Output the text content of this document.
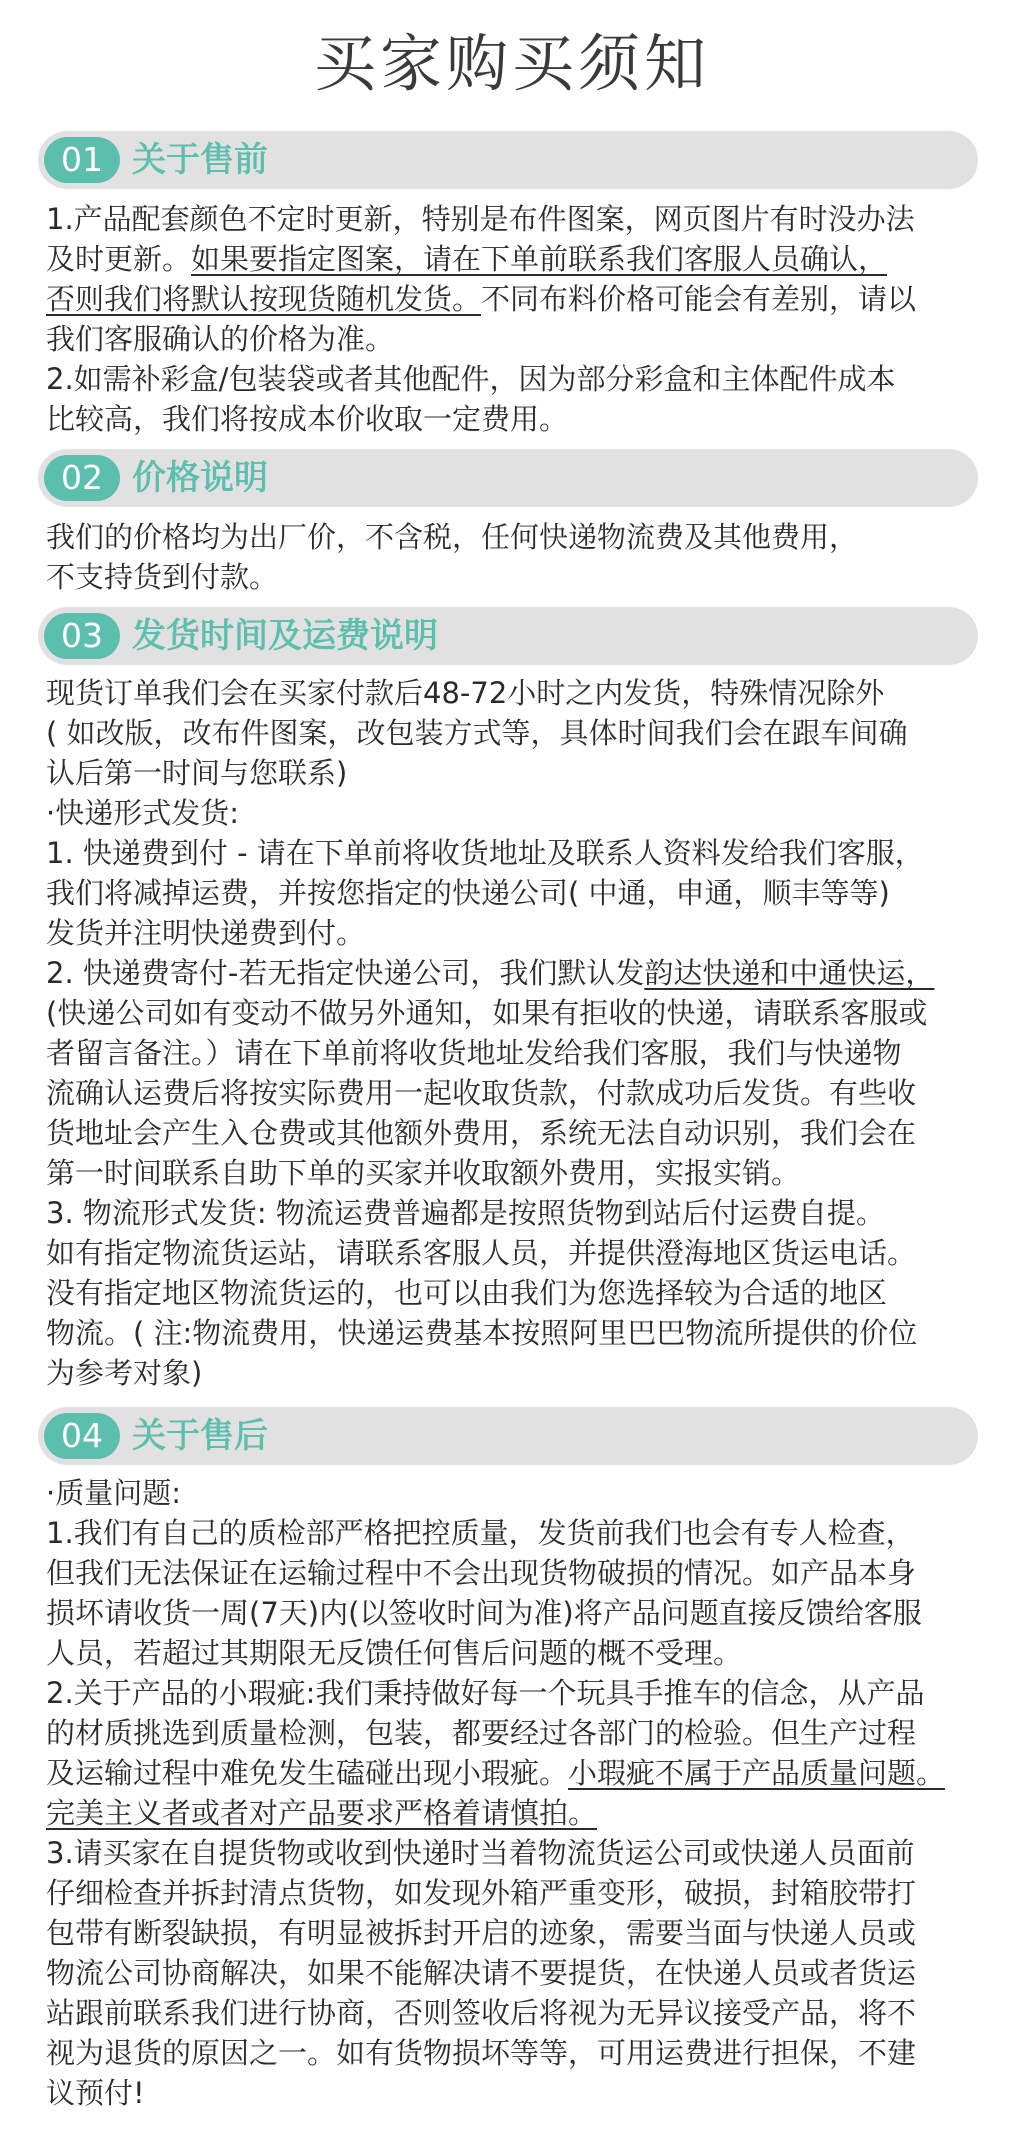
买家购买须知
01 关于售前

1.产品配套颜色不定时更新，特别是布件图案，网页图片有时没办法

及时更新。如果要指定图案，请在下单前联系我们客服人员确认，

否则我们将默认按现货随机发货。不同布料价格可能会有差别，请以

我们客服确认的价格为准。

2.如需补彩盒/包装袋或者其他配件，因为部分彩盒和主体配件成本

比较高，我们将按成本价收取一定费用。

02 价格说明

我们的价格均为出厂价，不含税，任何快递物流费及其他费用，

不支持货到付款。

03 发货时间及运费说明

现货订单我们会在买家付款后48-72小时之内发货，特殊情况除外

( 如改版，改布件图案，改包装方式等，具体时间我们会在跟车间确

认后第一时间与您联系)

·快递形式发货:

1. 快递费到付 - 请在下单前将收货地址及联系人资料发给我们客服，

我们将减掉运费，并按您指定的快递公司( 中通，申通，顺丰等等)

发货并注明快递费到付。

2. 快递费寄付-若无指定快递公司，我们默认发韵达快递和中通快运，

(快递公司如有变动不做另外通知，如果有拒收的快递，请联系客服或

者留言备注。）请在下单前将收货地址发给我们客服，我们与快递物

流确认运费后将按实际费用一起收取货款，付款成功后发货。有些收

货地址会产生入仓费或其他额外费用，系统无法自动识别，我们会在

第一时间联系自助下单的买家并收取额外费用，实报实销。

3. 物流形式发货: 物流运费普遍都是按照货物到站后付运费自提。

如有指定物流货运站，请联系客服人员，并提供澄海地区货运电话。

没有指定地区物流货运的，也可以由我们为您选择较为合适的地区

物流。( 注:物流费用，快递运费基本按照阿里巴巴物流所提供的价位

为参考对象)

04 关于售后

·质量问题:

1.我们有自己的质检部严格把控质量，发货前我们也会有专人检查，

但我们无法保证在运输过程中不会出现货物破损的情况。如产品本身

损坏请收货一周(7天)内(以签收时间为准)将产品问题直接反馈给客服

人员，若超过其期限无反馈任何售后问题的概不受理。

2.关于产品的小瑕疵:我们秉持做好每一个玩具手推车的信念，从产品

的材质挑选到质量检测，包装，都要经过各部门的检验。但生产过程

及运输过程中难免发生磕碰出现小瑕疵。小瑕疵不属于产品质量问题。

完美主义者或者对产品要求严格着请慎拍。

3.请买家在自提货物或收到快递时当着物流货运公司或快递人员面前

仔细检查并拆封清点货物，如发现外箱严重变形，破损，封箱胶带打

包带有断裂缺损，有明显被拆封开启的迹象，需要当面与快递人员或

物流公司协商解决，如果不能解决请不要提货，在快递人员或者货运

站跟前联系我们进行协商，否则签收后将视为无异议接受产品，将不

视为退货的原因之一。如有货物损坏等等，可用运费进行担保，不建

议预付!
